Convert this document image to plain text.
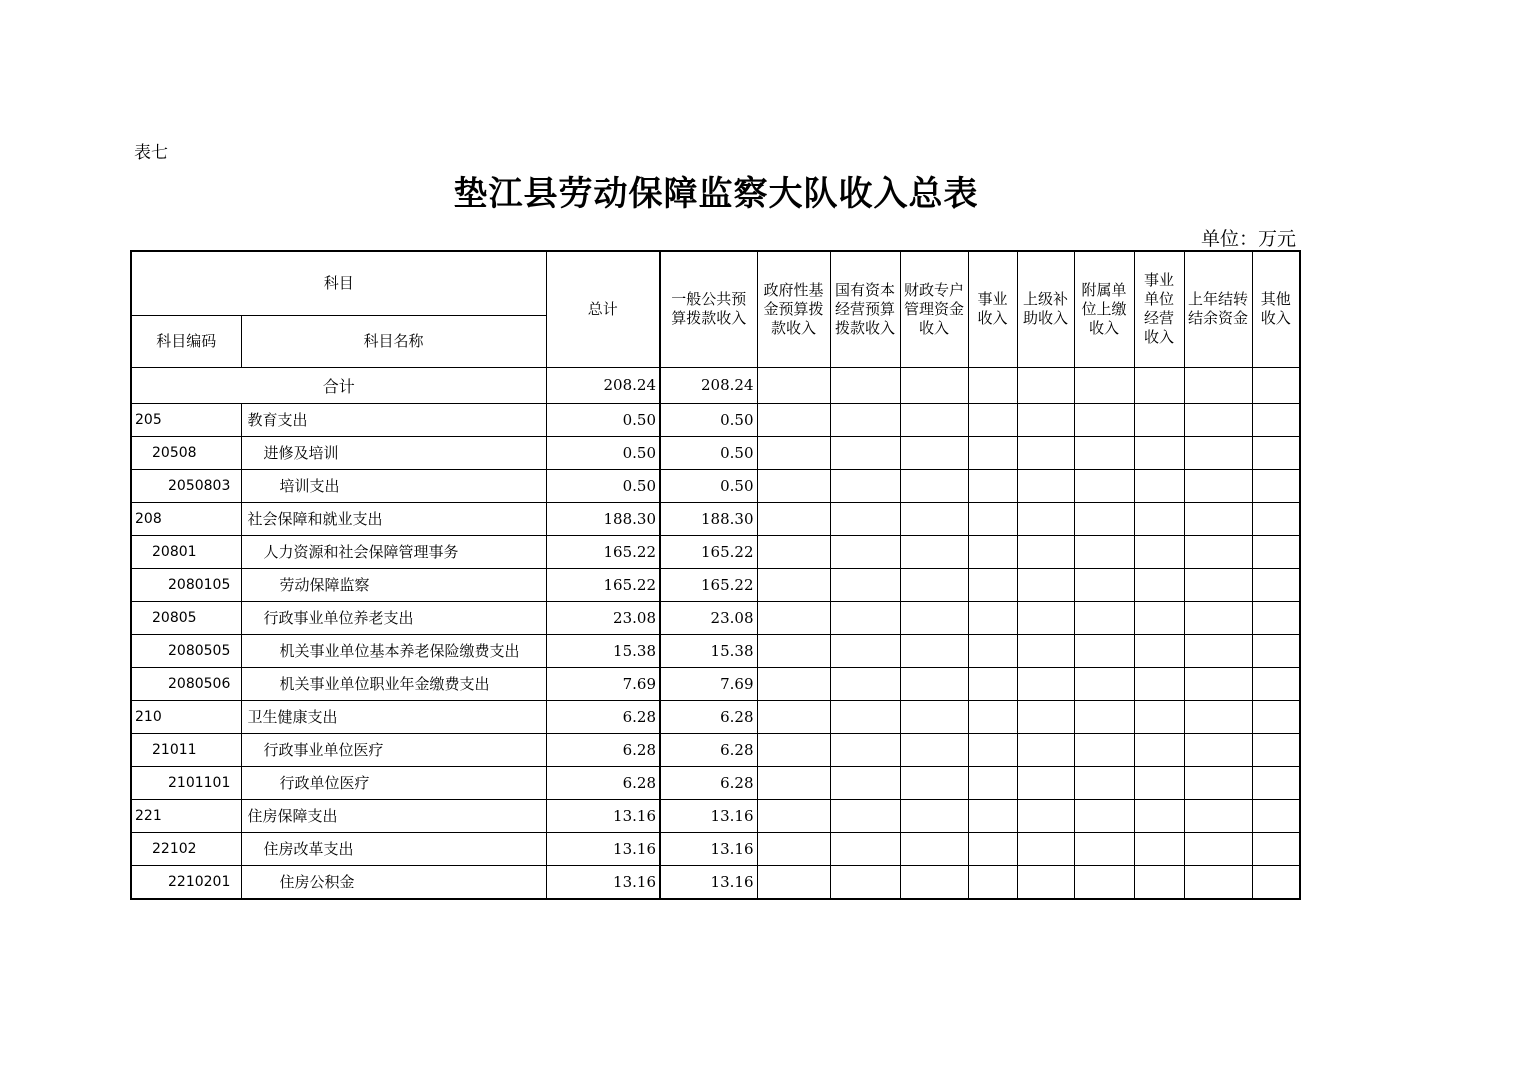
表七
垫江县劳动保障监察大队收入总表
单位：万元
科目		总计	一般公共预算拨款收入	政府性基金预算拨款收入	国有资本经营预算拨款收入	财政专户管理资金收入	事业收入	上级补助收入	附属单位上缴收入	事业单位经营收入	上年结转结余资金	其他收入
科目编码	科目名称											
合计		208.24	208.24									
205	教育支出	0.50	0.50									
20508	进修及培训	0.50	0.50									
2050803	培训支出	0.50	0.50									
208	社会保障和就业支出	188.30	188.30									
20801	人力资源和社会保障管理事务	165.22	165.22									
2080105	劳动保障监察	165.22	165.22									
20805	行政事业单位养老支出	23.08	23.08									
2080505	机关事业单位基本养老保险缴费支出	15.38	15.38									
2080506	机关事业单位职业年金缴费支出	7.69	7.69									
210	卫生健康支出	6.28	6.28									
21011	行政事业单位医疗	6.28	6.28									
2101101	行政单位医疗	6.28	6.28									
221	住房保障支出	13.16	13.16									
22102	住房改革支出	13.16	13.16									
2210201	住房公积金	13.16	13.16									
